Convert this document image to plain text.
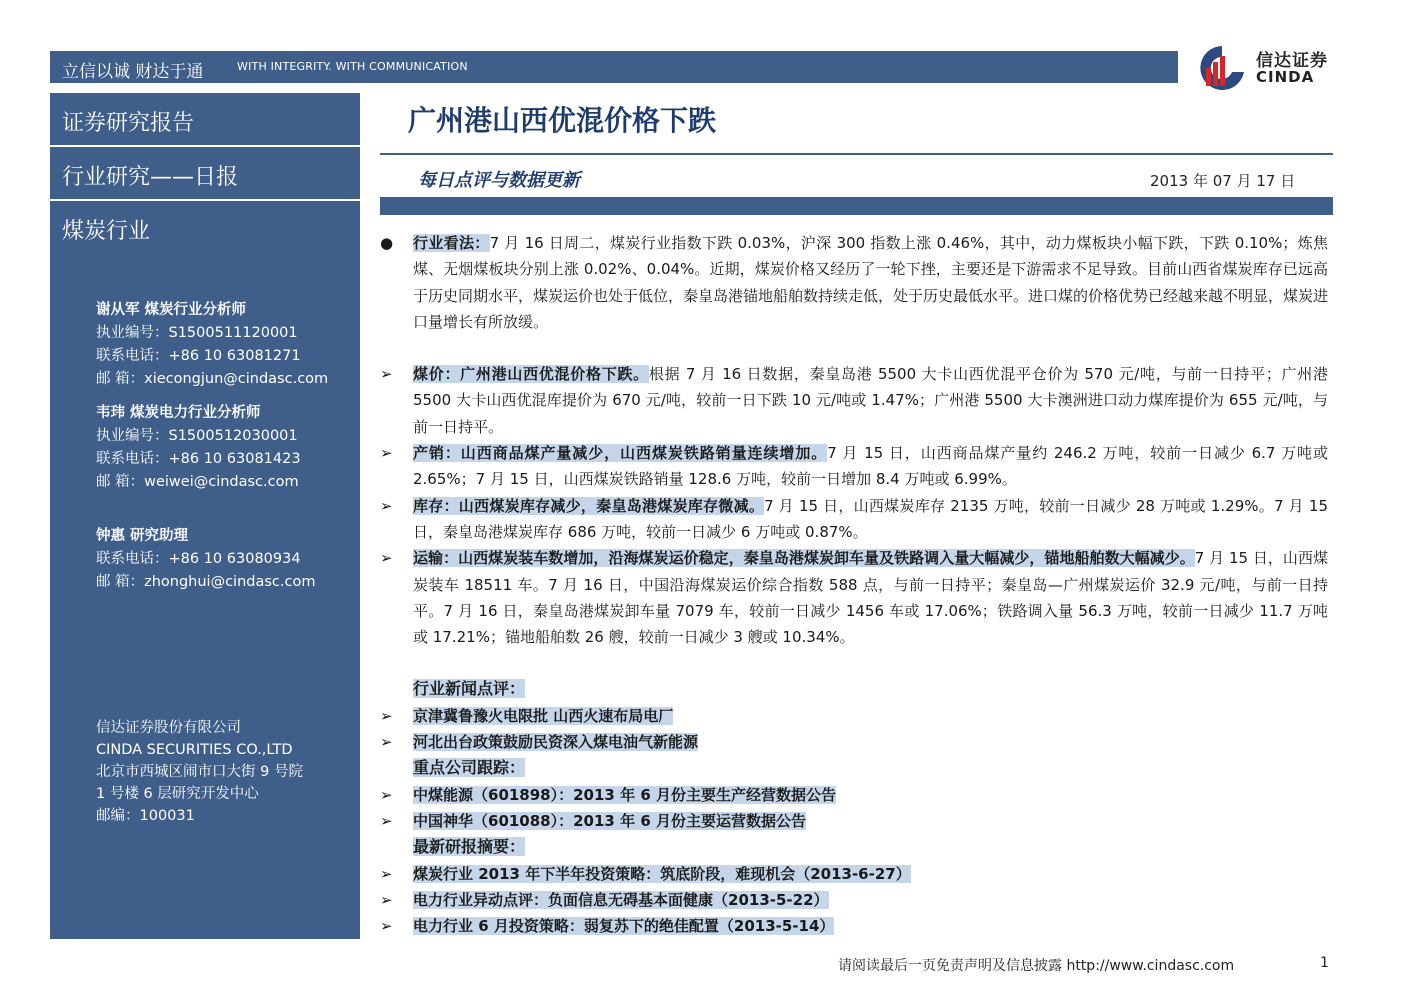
立信以诚 财达于通	WITH INTEGRITY. WITH COMMUNICATION	信达证券
CINDA
证券研究报告
行业研究——日报
煤炭行业
谢从军 煤炭行业分析师
执业编号：S1500511120001
联系电话：+86 10 63081271
邮 箱：xiecongjun@cindasc.com
韦玮 煤炭电力行业分析师
执业编号：S1500512030001
联系电话：+86 10 63081423
邮 箱：weiwei@cindasc.com
钟惠 研究助理
联系电话：+86 10 63080934
邮 箱：zhonghui@cindasc.com
信达证券股份有限公司
CINDA SECURITIES CO.,LTD
北京市西城区闹市口大街 9 号院
1 号楼 6 层研究开发中心
邮编：100031
广州港山西优混价格下跌
每日点评与数据更新	2013 年 07 月 17 日
● 行业看法：7 月 16 日周二，煤炭行业指数下跌 0.03%，沪深 300 指数上涨 0.46%，其中，动力煤板块小幅下跌，下跌 0.10%；炼焦煤、无烟煤板块分别上涨 0.02%、0.04%。近期，煤炭价格又经历了一轮下挫，主要还是下游需求不足导致。目前山西省煤炭库存已远高于历史同期水平，煤炭运价也处于低位，秦皇岛港锚地船舶数持续走低，处于历史最低水平。进口煤的价格优势已经越来越不明显，煤炭进口量增长有所放缓。
➢ 煤价：广州港山西优混价格下跌。根据 7 月 16 日数据，秦皇岛港 5500 大卡山西优混平仓价为 570 元/吨，与前一日持平；广州港 5500 大卡山西优混库提价为 670 元/吨，较前一日下跌 10 元/吨或 1.47%；广州港 5500 大卡澳洲进口动力煤库提价为 655 元/吨，与前一日持平。
➢ 产销：山西商品煤产量减少，山西煤炭铁路销量连续增加。7 月 15 日，山西商品煤产量约 246.2 万吨，较前一日减少 6.7 万吨或 2.65%；7 月 15 日，山西煤炭铁路销量 128.6 万吨，较前一日增加 8.4 万吨或 6.99%。
➢ 库存：山西煤炭库存减少，秦皇岛港煤炭库存微减。7 月 15 日，山西煤炭库存 2135 万吨，较前一日减少 28 万吨或 1.29%。7 月 15 日，秦皇岛港煤炭库存 686 万吨，较前一日减少 6 万吨或 0.87%。
➢ 运输：山西煤炭装车数增加，沿海煤炭运价稳定，秦皇岛港煤炭卸车量及铁路调入量大幅减少，锚地船舶数大幅减少。7 月 15 日，山西煤炭装车 18511 车。7 月 16 日，中国沿海煤炭运价综合指数 588 点，与前一日持平；秦皇岛—广州煤炭运价 32.9 元/吨，与前一日持平。7 月 16 日，秦皇岛港煤炭卸车量 7079 车，较前一日减少 1456 车或 17.06%；铁路调入量 56.3 万吨，较前一日减少 11.7 万吨或 17.21%；锚地船舶数 26 艘，较前一日减少 3 艘或 10.34%。
行业新闻点评：
➢ 京津冀鲁豫火电限批 山西火速布局电厂
➢ 河北出台政策鼓励民资深入煤电油气新能源
重点公司跟踪：
➢ 中煤能源（601898）：2013 年 6 月份主要生产经营数据公告
➢ 中国神华（601088）：2013 年 6 月份主要运营数据公告
最新研报摘要：
➢ 煤炭行业 2013 年下半年投资策略：筑底阶段，难现机会（2013-6-27）
➢ 电力行业异动点评：负面信息无碍基本面健康（2013-5-22）
➢ 电力行业 6 月投资策略：弱复苏下的绝佳配置（2013-5-14）
请阅读最后一页免责声明及信息披露 http://www.cindasc.com	1
